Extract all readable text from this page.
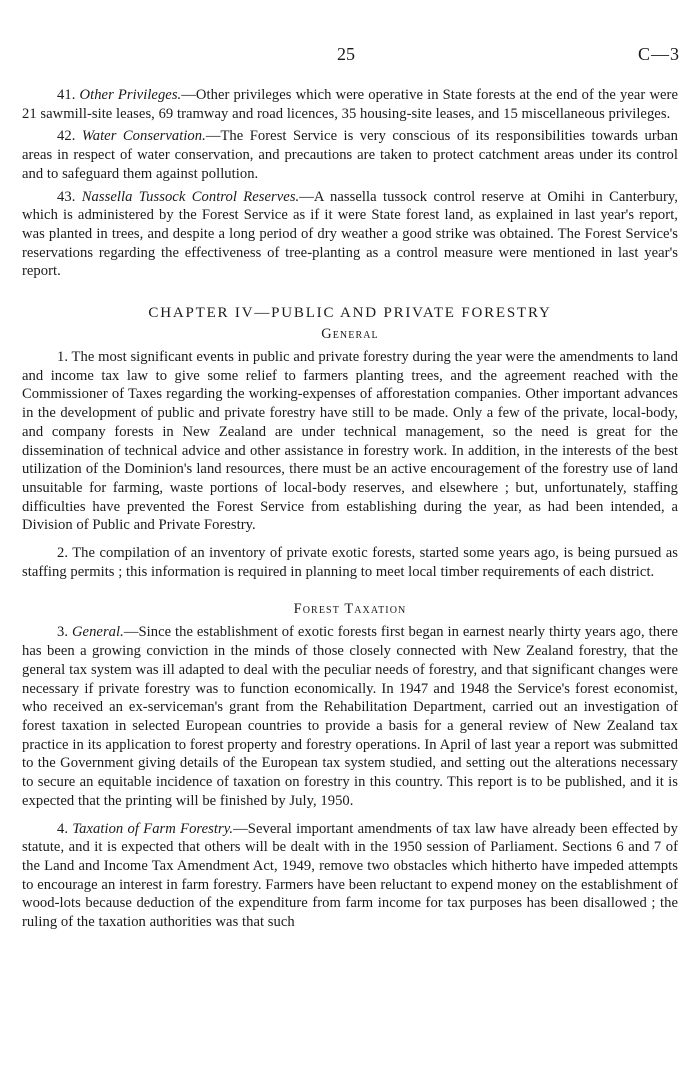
25	C—3

41. Other Privileges.—Other privileges which were operative in State forests at the end of the year were 21 sawmill-site leases, 69 tramway and road licences, 35 housing-site leases, and 15 miscellaneous privileges.

42. Water Conservation.—The Forest Service is very conscious of its responsibilities towards urban areas in respect of water conservation, and precautions are taken to protect catchment areas under its control and to safeguard them against pollution.

43. Nassella Tussock Control Reserves.—A nassella tussock control reserve at Omihi in Canterbury, which is administered by the Forest Service as if it were State forest land, as explained in last year's report, was planted in trees, and despite a long period of dry weather a good strike was obtained. The Forest Service's reservations regarding the effectiveness of tree-planting as a control measure were mentioned in last year's report.

CHAPTER IV—PUBLIC AND PRIVATE FORESTRY
General

1. The most significant events in public and private forestry during the year were the amendments to land and income tax law to give some relief to farmers planting trees, and the agreement reached with the Commissioner of Taxes regarding the working-expenses of afforestation companies. Other important advances in the development of public and private forestry have still to be made. Only a few of the private, local-body, and company forests in New Zealand are under technical management, so the need is great for the dissemination of technical advice and other assistance in forestry work. In addition, in the interests of the best utilization of the Dominion's land resources, there must be an active encouragement of the forestry use of land unsuitable for farming, waste portions of local-body reserves, and elsewhere ; but, unfortunately, staffing difficulties have prevented the Forest Service from establishing during the year, as had been intended, a Division of Public and Private Forestry.

2. The compilation of an inventory of private exotic forests, started some years ago, is being pursued as staffing permits ; this information is required in planning to meet local timber requirements of each district.

Forest Taxation

3. General.—Since the establishment of exotic forests first began in earnest nearly thirty years ago, there has been a growing conviction in the minds of those closely connected with New Zealand forestry, that the general tax system was ill adapted to deal with the peculiar needs of forestry, and that significant changes were necessary if private forestry was to function economically. In 1947 and 1948 the Service's forest economist, who received an ex-serviceman's grant from the Rehabilitation Department, carried out an investigation of forest taxation in selected European countries to provide a basis for a general review of New Zealand tax practice in its application to forest property and forestry operations. In April of last year a report was submitted to the Government giving details of the European tax system studied, and setting out the alterations necessary to secure an equitable incidence of taxation on forestry in this country. This report is to be published, and it is expected that the printing will be finished by July, 1950.

4. Taxation of Farm Forestry.—Several important amendments of tax law have already been effected by statute, and it is expected that others will be dealt with in the 1950 session of Parliament. Sections 6 and 7 of the Land and Income Tax Amendment Act, 1949, remove two obstacles which hitherto have impeded attempts to encourage an interest in farm forestry. Farmers have been reluctant to expend money on the establishment of wood-lots because deduction of the expenditure from farm income for tax purposes has been disallowed ; the ruling of the taxation authorities was that such
